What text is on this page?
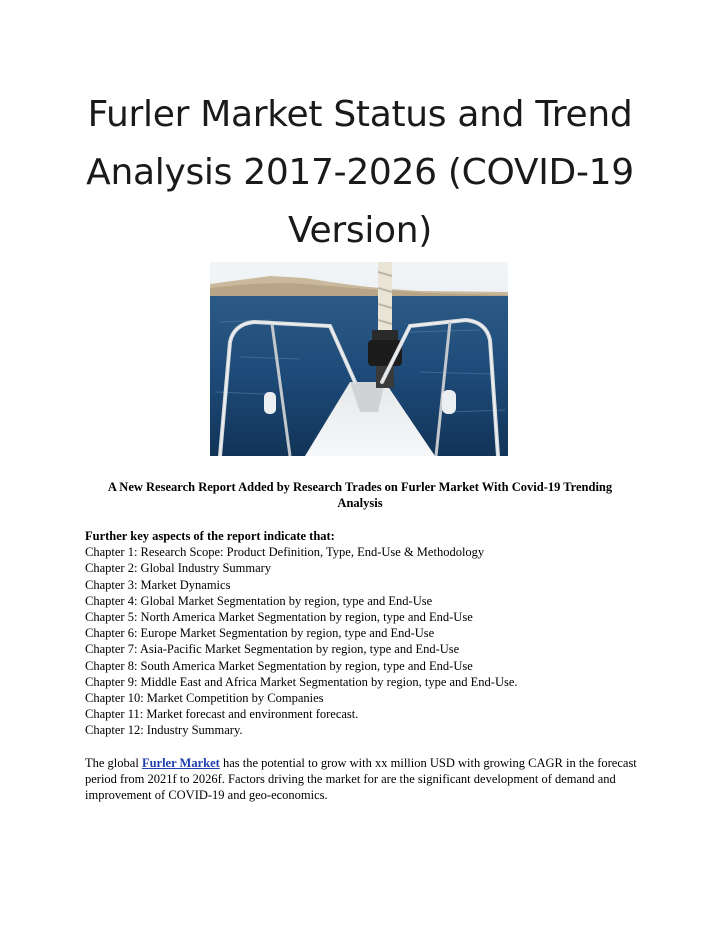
Furler Market Status and Trend Analysis 2017-2026 (COVID-19 Version)

A New Research Report Added by Research Trades on Furler Market With Covid-19 Trending Analysis

Further key aspects of the report indicate that:
Chapter 1: Research Scope: Product Definition, Type, End-Use & Methodology
Chapter 2: Global Industry Summary
Chapter 3: Market Dynamics
Chapter 4: Global Market Segmentation by region, type and End-Use
Chapter 5: North America Market Segmentation by region, type and End-Use
Chapter 6: Europe Market Segmentation by region, type and End-Use
Chapter 7: Asia-Pacific Market Segmentation by region, type and End-Use
Chapter 8: South America Market Segmentation by region, type and End-Use
Chapter 9: Middle East and Africa Market Segmentation by region, type and End-Use.
Chapter 10: Market Competition by Companies
Chapter 11: Market forecast and environment forecast.
Chapter 12: Industry Summary.

The global Furler Market has the potential to grow with xx million USD with growing CAGR in the forecast period from 2021f to 2026f. Factors driving the market for are the significant development of demand and improvement of COVID-19 and geo-economics.
